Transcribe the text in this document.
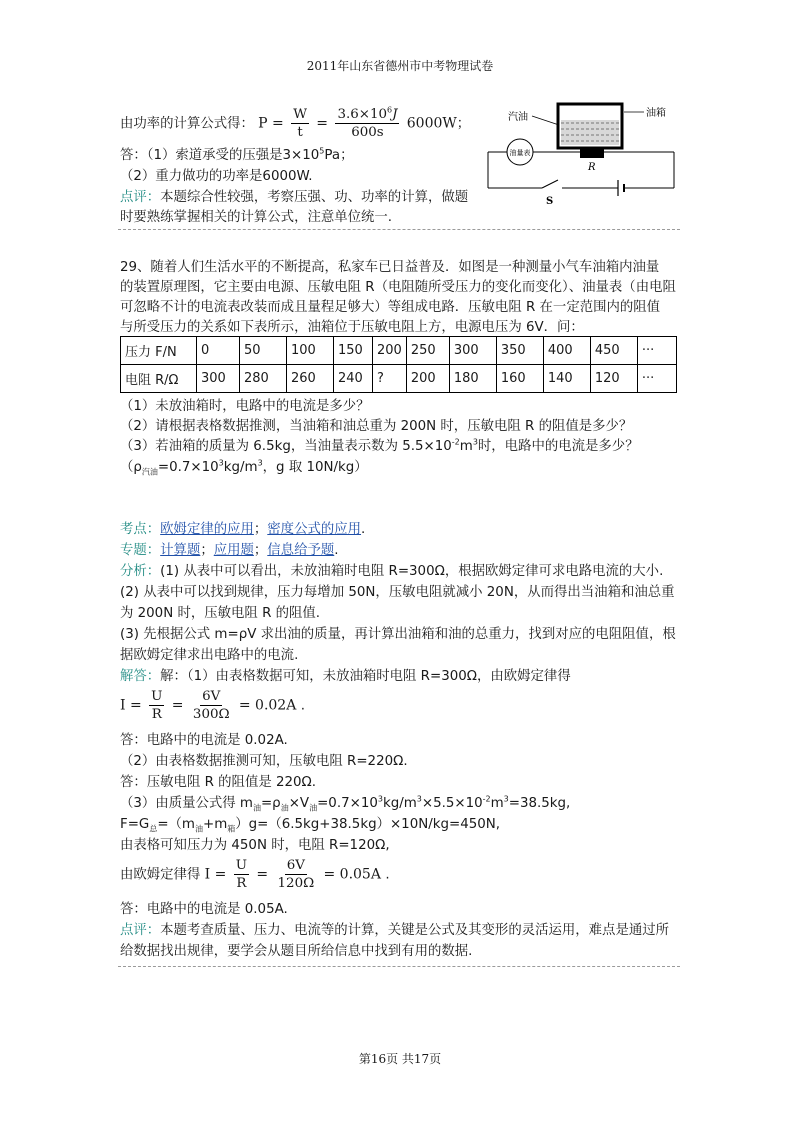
2011年山东省德州市中考物理试卷
由功率的计算公式得： $P = \frac{W}{t} = \frac{3.6\times 10^6J}{600s} 6000W$；
答：（1）索道承受的压强是$3\times 10^5Pa$；
（2）重力做功的功率是6000W.
点评：本题综合性较强，考察压强、功、功率的计算，做题
时要熟练掌握相关的计算公式，注意单位统一.
汽油	油箱
R
油量表
S
29、随着人们生活水平的不断提高，私家车已日益普及．如图是一种测量小气车油箱内油量
的装置原理图，它主要由电源、压敏电阻 R（电阻随所受压力的变化而变化）、油量表（由电阻
可忽略不计的电流表改装而成且量程足够大）等组成电路．压敏电阻 R 在一定范围内的阻值
与所受压力的关系如下表所示，油箱位于压敏电阻上方，电源电压为 6V．问：
压力 F/N	0	50	100	150	200	250	300	350	400	450	···
电阻 R/Ω	300	280	260	240	?	200	180	160	140	120	···
（1）未放油箱时，电路中的电流是多少？
（2）请根据表格数据推测，当油箱和油总重为 200N 时，压敏电阻 R 的阻值是多少？
（3）若油箱的质量为 6.5kg，当油量表示数为 $5.5\times 10^{-2}m^3$时，电路中的电流是多少？
（$\rho_{汽油}=0.7\times 10^3kg/m^3$，g 取 10N/kg）
考点：欧姆定律的应用；密度公式的应用.
专题：计算题；应用题；信息给予题.
分析：(1) 从表中可以看出，未放油箱时电阻 R=300Ω，根据欧姆定律可求电路电流的大小.
(2) 从表中可以找到规律，压力每增加 50N，压敏电阻就减小 20N，从而得出当油箱和油总重
为 200N 时，压敏电阻 R 的阻值.
(3) 先根据公式 m=ρV 求出油的质量，再计算出油箱和油的总重力，找到对应的电阻阻值，根
据欧姆定律求出电路中的电流.
解答：解：（1）由表格数据可知，未放油箱时电阻 R=300Ω，由欧姆定律得
$I = \frac{U}{R} = \frac{6V}{300\Omega} = 0.02A$ .
答：电路中的电流是 0.02A.
（2）由表格数据推测可知，压敏电阻 R=220Ω.
答：压敏电阻 R 的阻值是 220Ω.
（3）由质量公式得 $m_油=\rho_油\times V_油=0.7\times 10^3kg/m^3\times 5.5\times 10^{-2}m^3=38.5kg$,
$F=G_总=(m_油+m_箱)g=(6.5kg+38.5kg)\times 10N/kg=450N$,
由表格可知压力为 450N 时，电阻 R=120Ω,
由欧姆定律得 $I = \frac{U}{R} = \frac{6V}{120\Omega} = 0.05A$ .
答：电路中的电流是 0.05A.
点评：本题考查质量、压力、电流等的计算，关键是公式及其变形的灵活运用，难点是通过所
给数据找出规律，要学会从题目所给信息中找到有用的数据.
第16页 共17页
